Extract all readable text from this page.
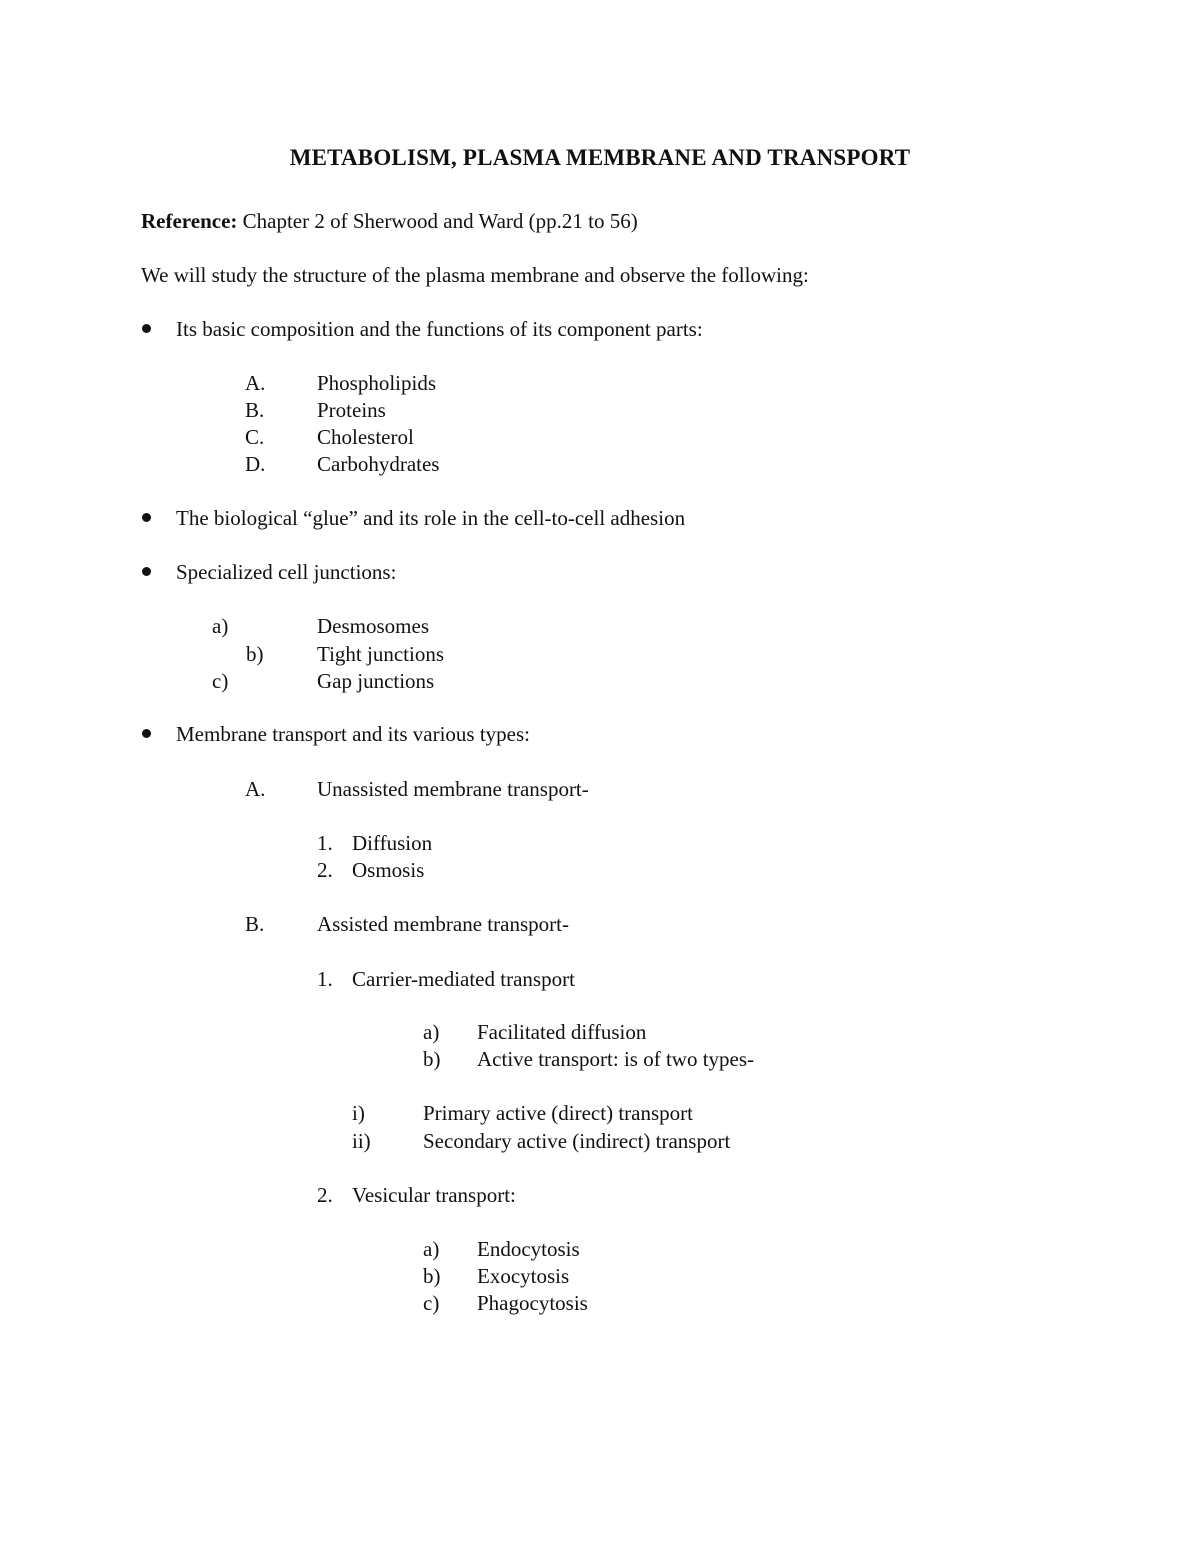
METABOLISM, PLASMA MEMBRANE AND TRANSPORT
Reference: Chapter 2 of Sherwood and Ward (pp.21 to 56)
We will study the structure of the plasma membrane and observe the following:
Its basic composition and the functions of its component parts:
A. Phospholipids
B.	Proteins
C.	Cholesterol
D. Carbohydrates
The biological “glue” and its role in the cell-to-cell adhesion
Specialized cell junctions:
a)	Desmosomes
b)	Tight junctions
c)	Gap junctions
Membrane transport and its various types:
A. Unassisted membrane transport-
1. Diffusion
2. Osmosis
B.	Assisted membrane transport-
1. Carrier-mediated transport
a) Facilitated diffusion
b) Active transport: is of two types-
i)	Primary active (direct) transport
ii) Secondary active (indirect) transport
2. Vesicular transport:
a) Endocytosis
b) Exocytosis
c) Phagocytosis
